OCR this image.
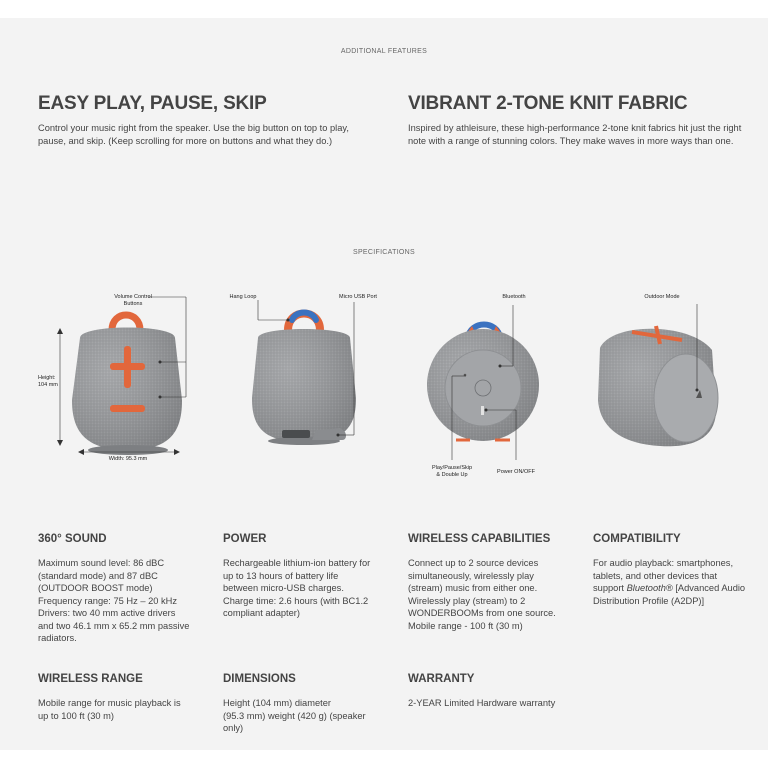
ADDITIONAL FEATURES
EASY PLAY, PAUSE, SKIP
Control your music right from the speaker. Use the big button on top to play, pause, and skip. (Keep scrolling for more on buttons and what they do.)
VIBRANT 2-TONE KNIT FABRIC
Inspired by athleisure, these high-performance 2-tone knit fabrics hit just the right note with a range of stunning colors. They make waves in more ways than one.
SPECIFICATIONS
Volume Control
Buttons
Height:
104 mm
Width: 95.3 mm
Hang Loop	Micro USB Port	Bluetooth
Play/Pause/Skip
& Double Up	Power ON/OFF
Outdoor Mode
360° SOUND
Maximum sound level: 86 dBC
(standard mode) and 87 dBC
(OUTDOOR BOOST mode)
Frequency range: 75 Hz – 20 kHz
Drivers: two 40 mm active drivers
and two 46.1 mm x 65.2 mm passive
radiators.
POWER
Rechargeable lithium-ion battery for
up to 13 hours of battery life
between micro-USB charges.
Charge time: 2.6 hours (with BC1.2
compliant adapter)
WIRELESS CAPABILITIES
Connect up to 2 source devices
simultaneously, wirelessly play
(stream) music from either one.
Wirelessly play (stream) to 2
WONDERBOOMs from one source.
Mobile range - 100 ft (30 m)
COMPATIBILITY
For audio playback: smartphones,
tablets, and other devices that
support Bluetooth® [Advanced Audio
Distribution Profile (A2DP)]
WIRELESS RANGE
Mobile range for music playback is
up to 100 ft (30 m)
DIMENSIONS
Height (104 mm) diameter
(95.3 mm) weight (420 g) (speaker
only)
WARRANTY
2-YEAR Limited Hardware warranty
